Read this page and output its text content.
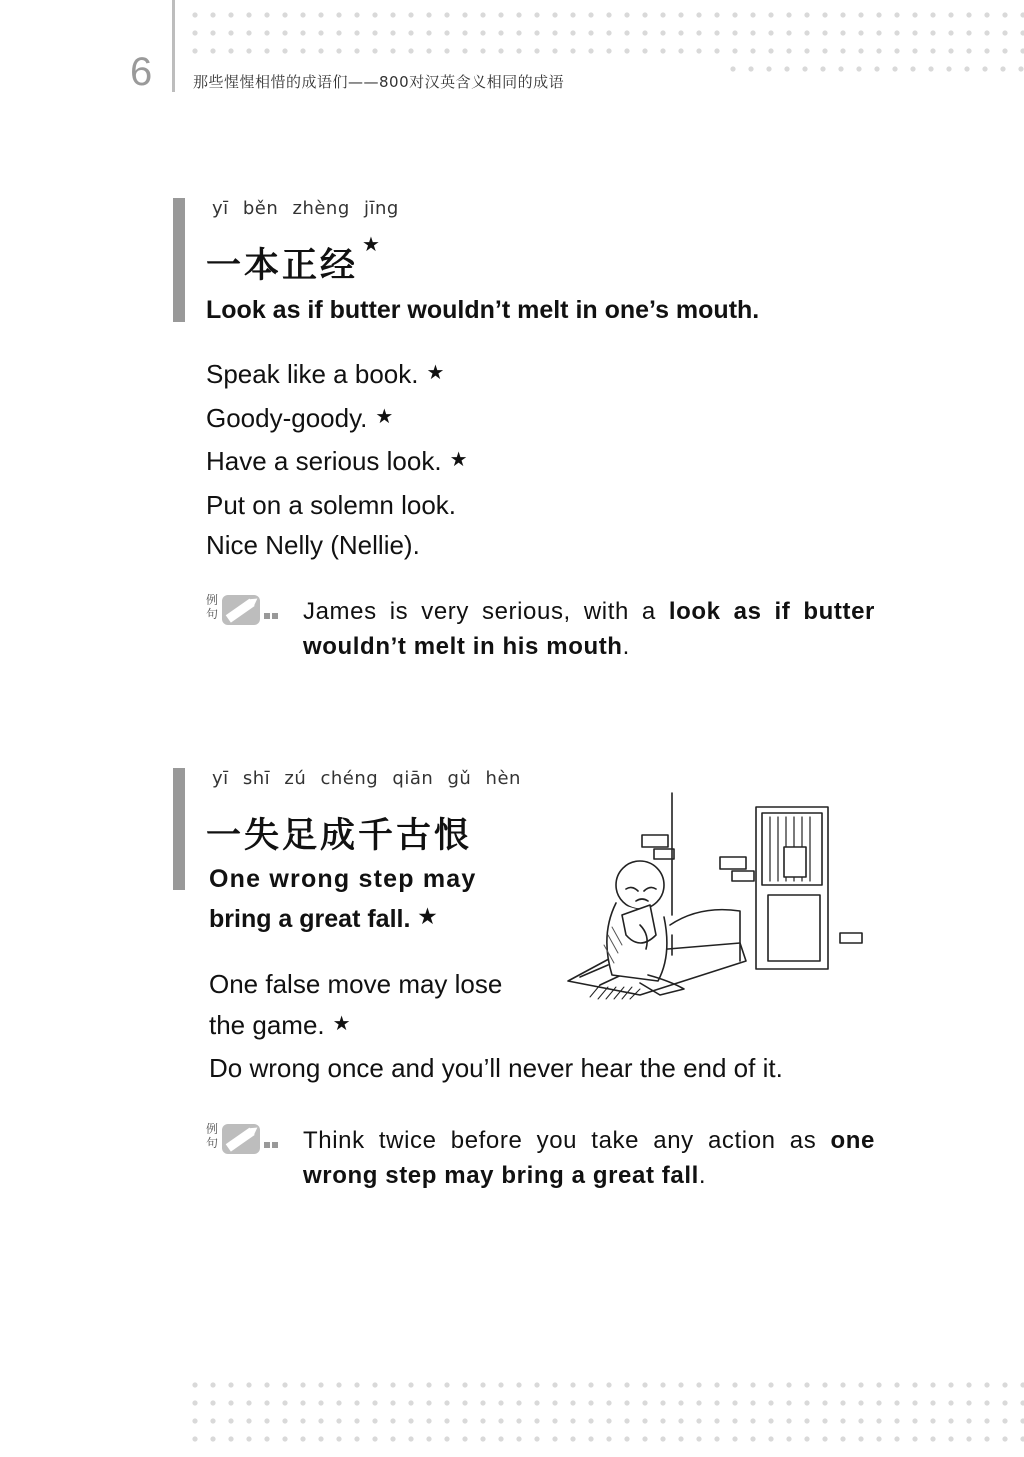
6	那些惺惺相惜的成语们——800对汉英含义相同的成语
yī běn zhèng jīng
一本正经★
Look as if butter wouldn’t melt in one’s mouth.
Speak like a book. ★
Goody-goody. ★
Have a serious look. ★
Put on a solemn look.
Nice Nelly (Nellie).
例句	James is very serious, with a look as if butter wouldn’t melt in his mouth.
yī shī zú chéng qiān gǔ hèn
一失足成千古恨
One wrong step may
bring a great fall. ★
One false move may lose
the game. ★
Do wrong once and you’ll never hear the end of it.
例句	Think twice before you take any action as one wrong step may bring a great fall.
